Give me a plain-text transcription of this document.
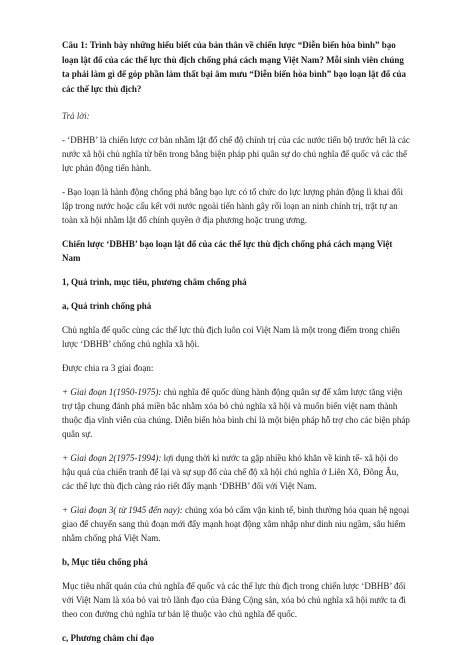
Câu 1: Trình bày những hiểu biết của bản thân về chiến lược “Diễn biến hòa bình” bạo loạn lật đổ của các thế lực thù địch chống phá cách mạng Việt Nam? Mỗi sinh viên chúng ta phải làm gì để góp phần làm thất bại âm mưu “Diễn biến hòa bình” bạo loạn lật đổ của các thế lực thù địch?

Trả lời:

- ‘DBHB’ là chiến lược cơ bản nhằm lật đổ chế độ chính trị của các nước tiến bộ trước hết là các nước xã hội chủ nghĩa từ bên trong bằng biện pháp phi quân sự do chủ nghĩa đế quốc và các thế lực phản động tiến hành.

- Bạo loạn là hành động chống phá bằng bạo lực có tổ chức do lực lượng phản động lì khai đối lập trong nước hoặc cấu kết với nước ngoài tiến hành gây rối loạn an ninh chính trị, trật tự an toàn xã hội nhằm lật đổ chính quyền ở địa phương hoặc trung ương.

Chiến lược ‘DBHB’ bạo loạn lật đổ của các thế lực thù địch chống phá cách mạng Việt Nam

1, Quá trình, mục tiêu, phương châm chống phá

a, Quá trình chống phá

Chủ nghĩa đế quốc cùng các thế lực thù địch luôn coi Việt Nam là một trong điểm trong chiến lược ‘DBHB’ chống chủ nghĩa xã hội.

Được chia ra 3 giai đoạn:

+ Giai đoạn 1(1950-1975): chủ nghĩa đế quốc dùng hành động quân sự để xâm lược tăng viện trợ tập chung đánh phá miền bắc nhằm xóa bỏ chủ nghĩa xã hội và muốn biến việt nam thành thuộc địa vĩnh viễn của chúng. Diễn biến hòa bình chỉ là một biện pháp hỗ trợ cho các biện pháp quân sự.

+ Giai đoạn 2(1975-1994): lợi dụng thời kì nước ta gặp nhiều khó khăn về kinh tế- xã hội do hậu quả của chiến tranh để lại và sự sụp đổ của chế độ xã hội chủ nghĩa ở Liên Xô, Đông Âu, các thế lực thù địch càng ráo riết đẩy mạnh ‘DBHB’ đối với Việt Nam.

+ Giai đoạn 3( từ 1945 đến nay): chúng xóa bỏ cấm vận kinh tế, bình thường hóa quan hệ ngoại giao để chuyển sang thủ đoạn mới đẩy mạnh hoạt động xâm nhập như dinh nìu ngầm, sâu hiểm nhằm chống phá Việt Nam.

b, Mục tiêu chống phá

Mục tiêu nhất quán của chủ nghĩa đế quốc và các thế lực thù địch trong chiến lược ‘DBHB’ đối với Việt Nam là xóa bỏ vai trò lãnh đạo của Đảng Cộng sản, xóa bỏ chủ nghĩa xã hội nước ta đi theo con đường chủ nghĩa tư bản lệ thuộc vào chủ nghĩa đế quốc.

c, Phương châm chỉ đạo
